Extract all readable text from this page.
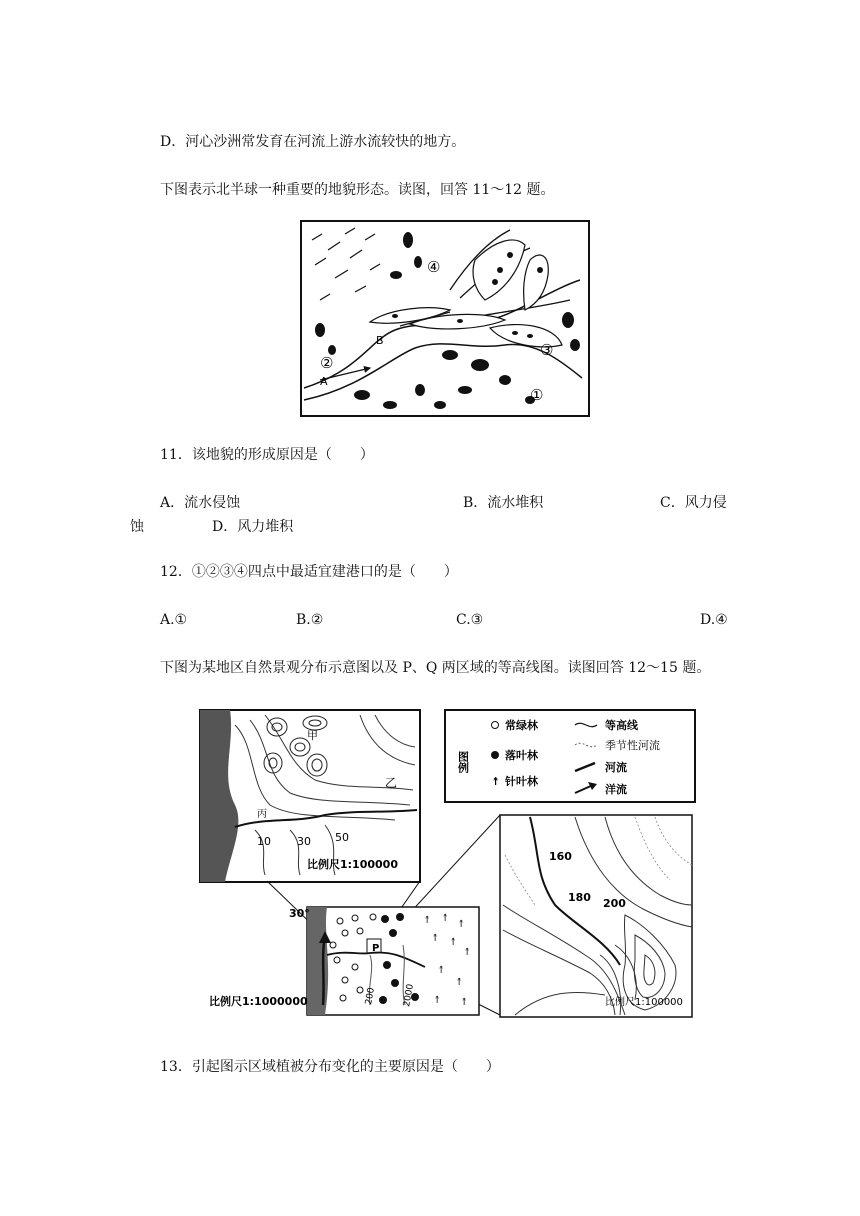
D．河心沙洲常发育在河流上游水流较快的地方。
下图表示北半球一种重要的地貌形态。读图，回答 11～12 题。
A
B
①
②
③
④
11．该地貌的形成原因是（　　）
A．流水侵蚀	B．流水堆积	C．风力侵
蚀	D．风力堆积
12．①②③④四点中最适宜建港口的是（　　）
A.①	B.②	C.③	D.④
下图为某地区自然景观分布示意图以及 P、Q 两区域的等高线图。读图回答 12～15 题。
甲
乙
丙
10 30 50
比例尺1:100000
图例
常绿林
落叶林
↟ 针叶林
等高线
季节性河流
河流
洋流
↟ ↟
↟
↟ ↟
↟
↟
↟
↟ ↟
30°
P
200	2000
比例尺1:1000000
160
180 200
比例尺1:100000
13．引起图示区域植被分布变化的主要原因是（　　）
